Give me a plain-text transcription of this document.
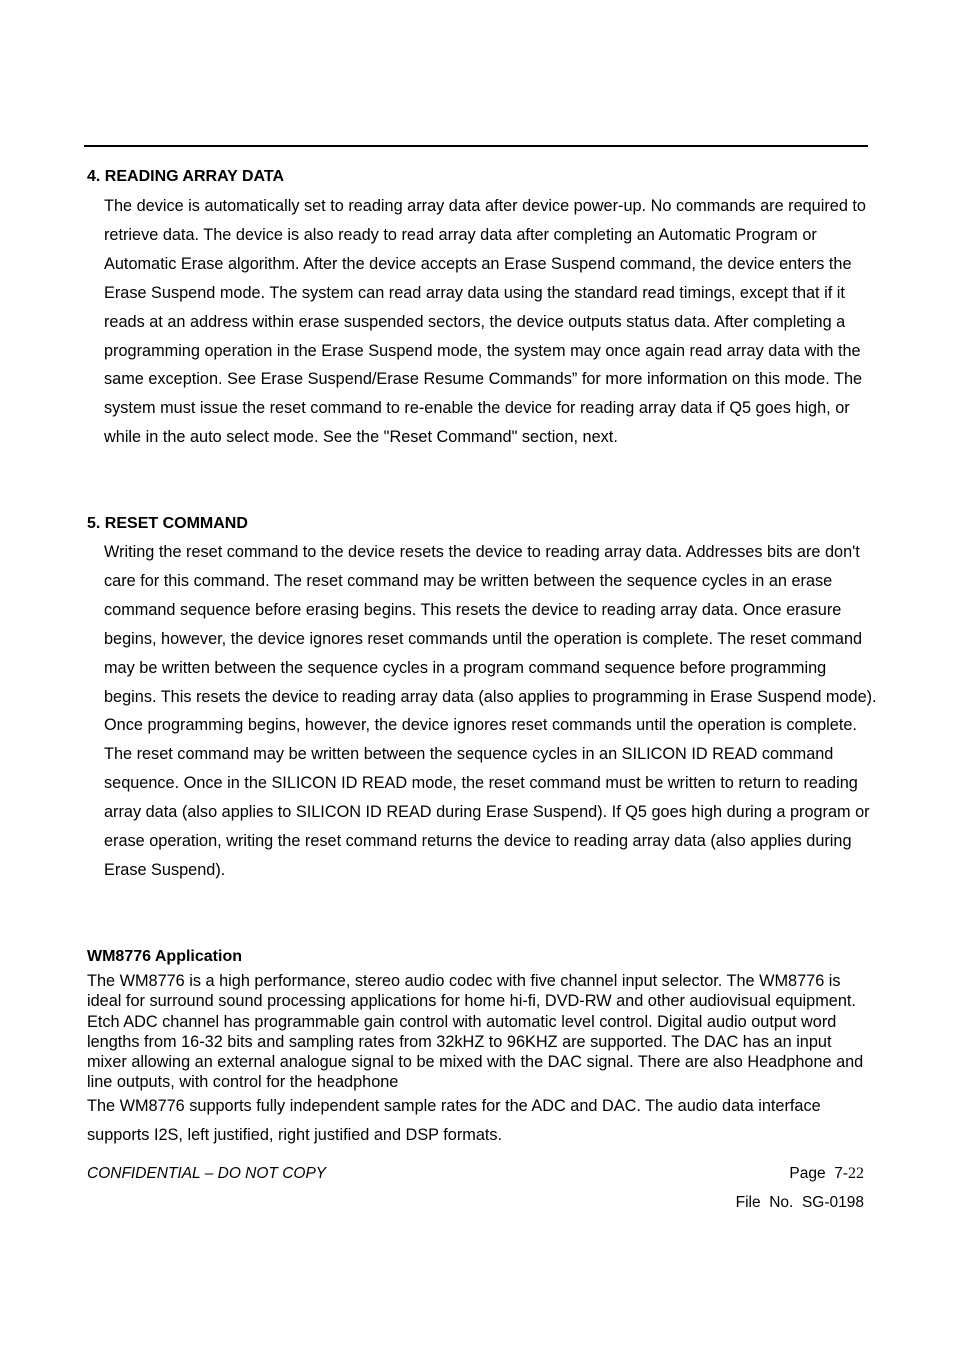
4. READING ARRAY DATA

The device is automatically set to reading array data after device power-up. No commands are required to retrieve data. The device is also ready to read array data after completing an Automatic Program or Automatic Erase algorithm. After the device accepts an Erase Suspend command, the device enters the Erase Suspend mode. The system can read array data using the standard read timings, except that if it reads at an address within erase suspended sectors, the device outputs status data. After completing a programming operation in the Erase Suspend mode, the system may once again read array data with the same exception. See Erase Suspend/Erase Resume Commands” for more information on this mode. The system must issue the reset command to re-enable the device for reading array data if Q5 goes high, or while in the auto select mode. See the "Reset Command" section, next.

5. RESET COMMAND

Writing the reset command to the device resets the device to reading array data. Addresses bits are don't care for this command. The reset command may be written between the sequence cycles in an erase command sequence before erasing begins. This resets the device to reading array data. Once erasure begins, however, the device ignores reset commands until the operation is complete. The reset command may be written between the sequence cycles in a program command sequence before programming begins. This resets the device to reading array data (also applies to programming in Erase Suspend mode). Once programming begins, however, the device ignores reset commands until the operation is complete. The reset command may be written between the sequence cycles in an SILICON ID READ command sequence. Once in the SILICON ID READ mode, the reset command must be written to return to reading array data (also applies to SILICON ID READ during Erase Suspend). If Q5 goes high during a program or erase operation, writing the reset command returns the device to reading array data (also applies during Erase Suspend).

WM8776 Application

The WM8776 is a high performance, stereo audio codec with five channel input selector. The WM8776 is ideal for surround sound processing applications for home hi-fi, DVD-RW and other audiovisual equipment. Etch ADC channel has programmable gain control with automatic level control. Digital audio output word lengths from 16-32 bits and sampling rates from 32kHZ to 96KHZ are supported. The DAC has an input mixer allowing an external analogue signal to be mixed with the DAC signal. There are also Headphone and line outputs, with control for the headphone

The WM8776 supports fully independent sample rates for the ADC and DAC. The audio data interface supports I2S, left justified, right justified and DSP formats.

CONFIDENTIAL – DO NOT COPY	Page  7-22
File  No.  SG-0198
